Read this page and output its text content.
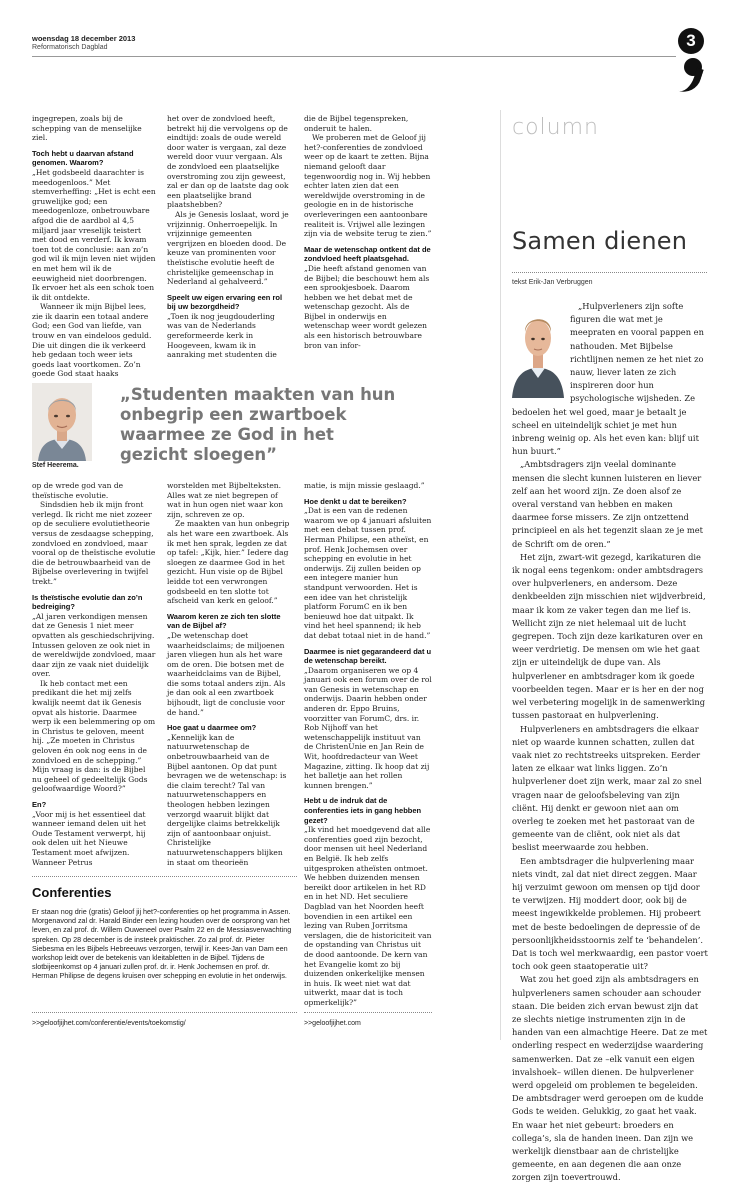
woensdag 18 december 2013
Reformatorisch Dagblad	3

ingegrepen, zoals bij de schepping van de menselijke ziel.

Toch hebt u daarvan afstand genomen. Waarom?

„Het godsbeeld daarachter is meedogenloos.” Met stemverheffing: „Het is echt een gruwelijke god; een meedogenloze, onbetrouwbare afgod die de aardbol al 4,5 miljard jaar vreselijk teistert met dood en verderf. Ik kwam toen tot de conclusie: aan zo’n god wil ik mijn leven niet wijden en met hem wil ik de eeuwigheid niet doorbrengen. Ik ervoer het als een schok toen ik dit ontdekte.

Wanneer ik mijn Bijbel lees, zie ik daarin een totaal andere God; een God van liefde, van trouw en van eindeloos geduld. Die uit dingen die ik verkeerd heb gedaan toch weer iets goeds laat voortkomen. Zo’n goede God staat haaks

het over de zondvloed heeft, betrekt hij die vervolgens op de eindtijd: zoals de oude wereld door water is vergaan, zal deze wereld door vuur vergaan. Als de zondvloed een plaatselijke overstroming zou zijn geweest, zal er dan op de laatste dag ook een plaatselijke brand plaatshebben?

Als je Genesis loslaat, word je vrijzinnig. Onherroepelijk. In vrijzinnige gemeenten vergrijzen en bloeden dood. De keuze van prominenten voor theïstische evolutie heeft de christelijke gemeenschap in Nederland al gehalveerd.”

Speelt uw eigen ervaring een rol bij uw bezorgdheid?

„Toen ik nog jeugdouderling was van de Nederlands gereformeerde kerk in Hoogeveen, kwam ik in aanraking met studenten die

die de Bijbel tegenspreken, onderuit te halen.

We proberen met de Geloof jij het?-conferenties de zondvloed weer op de kaart te zetten. Bijna niemand gelooft daar tegenwoordig nog in. Wij hebben echter laten zien dat een wereldwijde overstroming in de geologie en in de historische overleveringen een aantoonbare realiteit is. Vrijwel alle lezingen zijn via de website terug te zien.”

Maar de wetenschap ontkent dat de zondvloed heeft plaatsgehad.

„Die heeft afstand genomen van de Bijbel; die beschouwt hem als een sprookjesboek. Daarom hebben we het debat met de wetenschap gezocht. Als de Bijbel in onderwijs en wetenschap weer wordt gelezen als een historisch betrouwbare bron van infor-

Stef Heerema.
„Studenten maakten van hun onbegrip een zwartboek waarmee ze God in het gezicht sloegen”

op de wrede god van de theïstische evolutie.

Sindsdien heb ik mijn front verlegd. Ik richt me niet zozeer op de seculiere evolutietheorie versus de zesdaagse schepping, zondvloed en zondvloed, maar vooral op de theïstische evolutie die de betrouwbaarheid van de Bijbelse overlevering in twijfel trekt.”

Is theïstische evolutie dan zo’n bedreiging?

„Al jaren verkondigen mensen dat ze Genesis 1 niet meer opvatten als geschiedschrijving. Intussen geloven ze ook niet in de wereldwijde zondvloed, maar daar zijn ze vaak niet duidelijk over.

Ik heb contact met een predikant die het mij zelfs kwalijk neemt dat ik Genesis opvat als historie. Daarmee werp ik een belemmering op om in Christus te geloven, meent hij. „Ze moeten in Christus geloven én ook nog eens in de zondvloed en de schepping.” Mijn vraag is dan: is de Bijbel nu geheel of gedeeltelijk Gods geloofwaardige Woord?”

En?

„Voor mij is het essentieel dat wanneer iemand delen uit het Oude Testament verwerpt, hij ook delen uit het Nieuwe Testament moet afwijzen. Wanneer Petrus

worstelden met Bijbelteksten. Alles wat ze niet begrepen of wat in hun ogen niet waar kon zijn, schreven ze op.

Ze maakten van hun onbegrip als het ware een zwartboek. Als ik met hen sprak, legden ze dat op tafel: „Kijk, hier.” Iedere dag sloegen ze daarmee God in het gezicht. Hun visie op de Bijbel leidde tot een verwrongen godsbeeld en ten slotte tot afscheid van kerk en geloof.”

Waarom keren ze zich ten slotte van de Bijbel af?

„De wetenschap doet waarheidsclaims; de miljoenen jaren vliegen hun als het ware om de oren. Die botsen met de waarheidclaims van de Bijbel, die soms totaal anders zijn. Als je dan ook al een zwartboek bijhoudt, ligt de conclusie voor de hand.”

Hoe gaat u daarmee om?

„Kennelijk kan de natuurwetenschap de onbetrouwbaarheid van de Bijbel aantonen. Op dat punt bevragen we de wetenschap: is die claim terecht? Tal van natuurwetenschappers en theologen hebben lezingen verzorgd waaruit blijkt dat dergelijke claims betrekkelijk zijn of aantoonbaar onjuist. Christelijke natuurwetenschappers blijken in staat om theorieën

matie, is mijn missie geslaagd.”

Hoe denkt u dat te bereiken?

„Dat is een van de redenen waarom we op 4 januari afsluiten met een debat tussen prof. Herman Philipse, een atheïst, en prof. Henk Jochemsen over schepping en evolutie in het onderwijs. Zij zullen beiden op een integere manier hun standpunt verwoorden. Het is een idee van het christelijk platform ForumC en ik ben benieuwd hoe dat uitpakt. Ik vind het heel spannend; ik heb dat debat totaal niet in de hand.”

Daarmee is niet gegarandeerd dat u de wetenschap bereikt.

„Daarom organiseren we op 4 januari ook een forum over de rol van Genesis in wetenschap en onderwijs. Daarin hebben onder anderen dr. Eppo Bruins, voorzitter van ForumC, drs. ir. Rob Nijhoff van het wetenschappelijk instituut van de ChristenUnie en Jan Rein de Wit, hoofdredacteur van Weet Magazine, zitting. Ik hoop dat zij het balletje aan het rollen kunnen brengen.”

Hebt u de indruk dat de conferenties iets in gang hebben gezet?

„Ik vind het moedgevend dat alle conferenties goed zijn bezocht, door mensen uit heel Nederland en België. Ik heb zelfs uitgesproken atheïsten ontmoet. We hebben duizenden mensen bereikt door artikelen in het RD en in het ND. Het seculiere Dagblad van het Noorden heeft bovendien in een artikel een lezing van Ruben Jorritsma verslagen, die de historiciteit van de opstanding van Christus uit de dood aantoonde. De kern van het Evangelie komt zo bij duizenden onkerkelijke mensen in huis. Ik weet niet wat dat uitwerkt, maar dat is toch opmerkelijk?”

Conferenties
Er staan nog drie (gratis) Geloof jij het?-conferenties op het programma in Assen. Morgenavond zal dr. Harald Binder een lezing houden over de oorsprong van het leven, en zal prof. dr. Willem Ouweneel over Psalm 22 en de Messiasverwachting spreken. Op 28 december is de insteek praktischer. Zo zal prof. dr. Pieter Siebesma en les Bijbels Hebreeuws verzorgen, terwijl ir. Kees-Jan van Dam een workshop leidt over de betekenis van kleitabletten in de Bijbel. Tijdens de slotbijeenkomst op 4 januari zullen prof. dr. ir. Henk Jochemsen en prof. dr. Herman Philipse de degens kruisen over schepping en evolutie in het onderwijs.
>>geloofjijhet.com/conferentie/events/toekomstig/	>>geloofjijhet.com
column
Samen dienen
tekst Erik-Jan Verbruggen

„Hulpverleners zijn softe figuren die wat met je meepraten en vooral pappen en nathouden. Met Bijbelse richtlijnen nemen ze het niet zo nauw, liever laten ze zich inspireren door hun psychologische wijsheden. Ze bedoelen het wel goed, maar je betaalt je scheel en uiteindelijk schiet je met hun inbreng weinig op. Als het even kan: blijf uit hun buurt.”

„Ambtsdragers zijn veelal dominante mensen die slecht kunnen luisteren en liever zelf aan het woord zijn. Ze doen alsof ze overal verstand van hebben en maken daarmee forse missers. Ze zijn ontzettend principieel en als het tegenzit slaan ze je met de Schrift om de oren.”

Het zijn, zwart-wit gezegd, karikaturen die ik nogal eens tegenkom: onder ambtsdragers over hulpverleners, en andersom. Deze denkbeelden zijn misschien niet wijdverbreid, maar ik kom ze vaker tegen dan me lief is. Wellicht zijn ze niet helemaal uit de lucht gegrepen. Toch zijn deze karikaturen over en weer verdrietig. De mensen om wie het gaat zijn er uiteindelijk de dupe van. Als hulpverlener en ambtsdrager kom ik goede voorbeelden tegen. Maar er is her en der nog wel verbetering mogelijk in de samenwerking tussen pastoraat en hulpverlening.

Hulpverleners en ambtsdragers die elkaar niet op waarde kunnen schatten, zullen dat vaak niet zo rechtstreeks uitspreken. Eerder laten ze elkaar wat links liggen. Zo’n hulpverlener doet zijn werk, maar zal zo snel vragen naar de geloofsbeleving van zijn cliënt. Hij denkt er gewoon niet aan om overleg te zoeken met het pastoraat van de gemeente van de cliënt, ook niet als dat beslist meerwaarde zou hebben.

Een ambtsdrager die hulpverlening maar niets vindt, zal dat niet direct zeggen. Maar hij verzuimt gewoon om mensen op tijd door te verwijzen. Hij moddert door, ook bij de meest ingewikkelde problemen. Hij probeert met de beste bedoelingen de depressie of de persoonlijkheidsstoornis zelf te ‘behandelen’. Dat is toch wel merkwaardig, een pastor voert toch ook geen staatoperatie uit?

Wat zou het goed zijn als ambtsdragers en hulpverleners samen schouder aan schouder staan. Die beiden zich ervan bewust zijn dat ze slechts nietige instrumenten zijn in de handen van een almachtige Heere. Dat ze met onderling respect en wederzijdse waardering samenwerken. Dat ze –elk vanuit een eigen invalshoek– willen dienen. De hulpverlener werd opgeleid om problemen te begeleiden. De ambtsdrager werd geroepen om de kudde Gods te weiden. Gelukkig, zo gaat het vaak. En waar het niet gebeurt: broeders en collega’s, sla de handen ineen. Dan zijn we werkelijk dienstbaar aan de christelijke gemeente, en aan degenen die aan onze zorgen zijn toevertrouwd.
